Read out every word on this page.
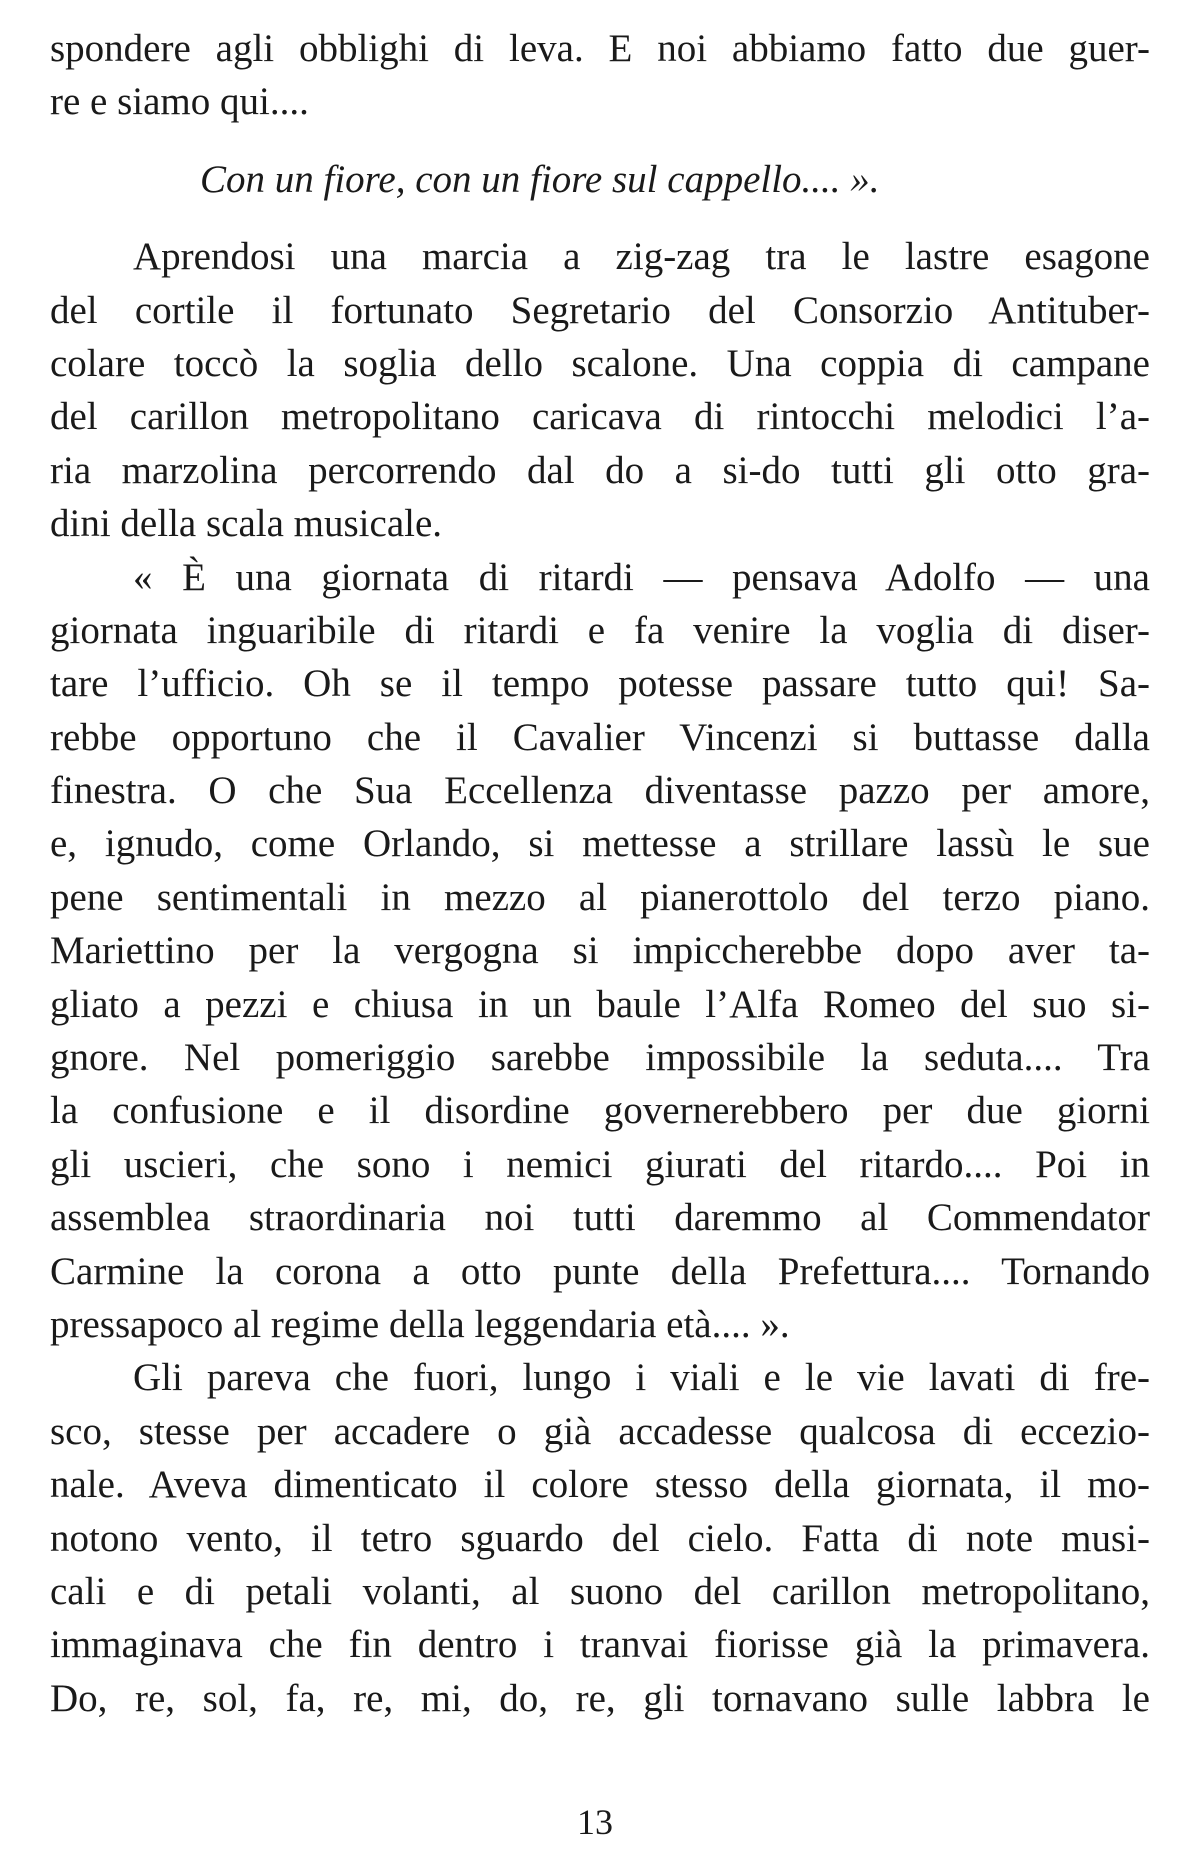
spondere agli obblighi di leva. E noi abbiamo fatto due guer-
re e siamo qui....
Con un fiore, con un fiore sul cappello.... ».
Aprendosi una marcia a zig-zag tra le lastre esagone
del cortile il fortunato Segretario del Consorzio Antituber-
colare toccò la soglia dello scalone. Una coppia di campane
del carillon metropolitano caricava di rintocchi melodici l’a-
ria marzolina percorrendo dal do a si-do tutti gli otto gra-
dini della scala musicale.
« È una giornata di ritardi — pensava Adolfo — una
giornata inguaribile di ritardi e fa venire la voglia di diser-
tare l’ufficio. Oh se il tempo potesse passare tutto qui! Sa-
rebbe opportuno che il Cavalier Vincenzi si buttasse dalla
finestra. O che Sua Eccellenza diventasse pazzo per amore,
e, ignudo, come Orlando, si mettesse a strillare lassù le sue
pene sentimentali in mezzo al pianerottolo del terzo piano.
Mariettino per la vergogna si impiccherebbe dopo aver ta-
gliato a pezzi e chiusa in un baule l’Alfa Romeo del suo si-
gnore. Nel pomeriggio sarebbe impossibile la seduta.... Tra
la confusione e il disordine governerebbero per due giorni
gli uscieri, che sono i nemici giurati del ritardo.... Poi in
assemblea straordinaria noi tutti daremmo al Commendator
Carmine la corona a otto punte della Prefettura.... Tornando
pressapoco al regime della leggendaria età.... ».
Gli pareva che fuori, lungo i viali e le vie lavati di fre-
sco, stesse per accadere o già accadesse qualcosa di eccezio-
nale. Aveva dimenticato il colore stesso della giornata, il mo-
notono vento, il tetro sguardo del cielo. Fatta di note musi-
cali e di petali volanti, al suono del carillon metropolitano,
immaginava che fin dentro i tranvai fiorisse già la primavera.
Do, re, sol, fa, re, mi, do, re, gli tornavano sulle labbra le
13
